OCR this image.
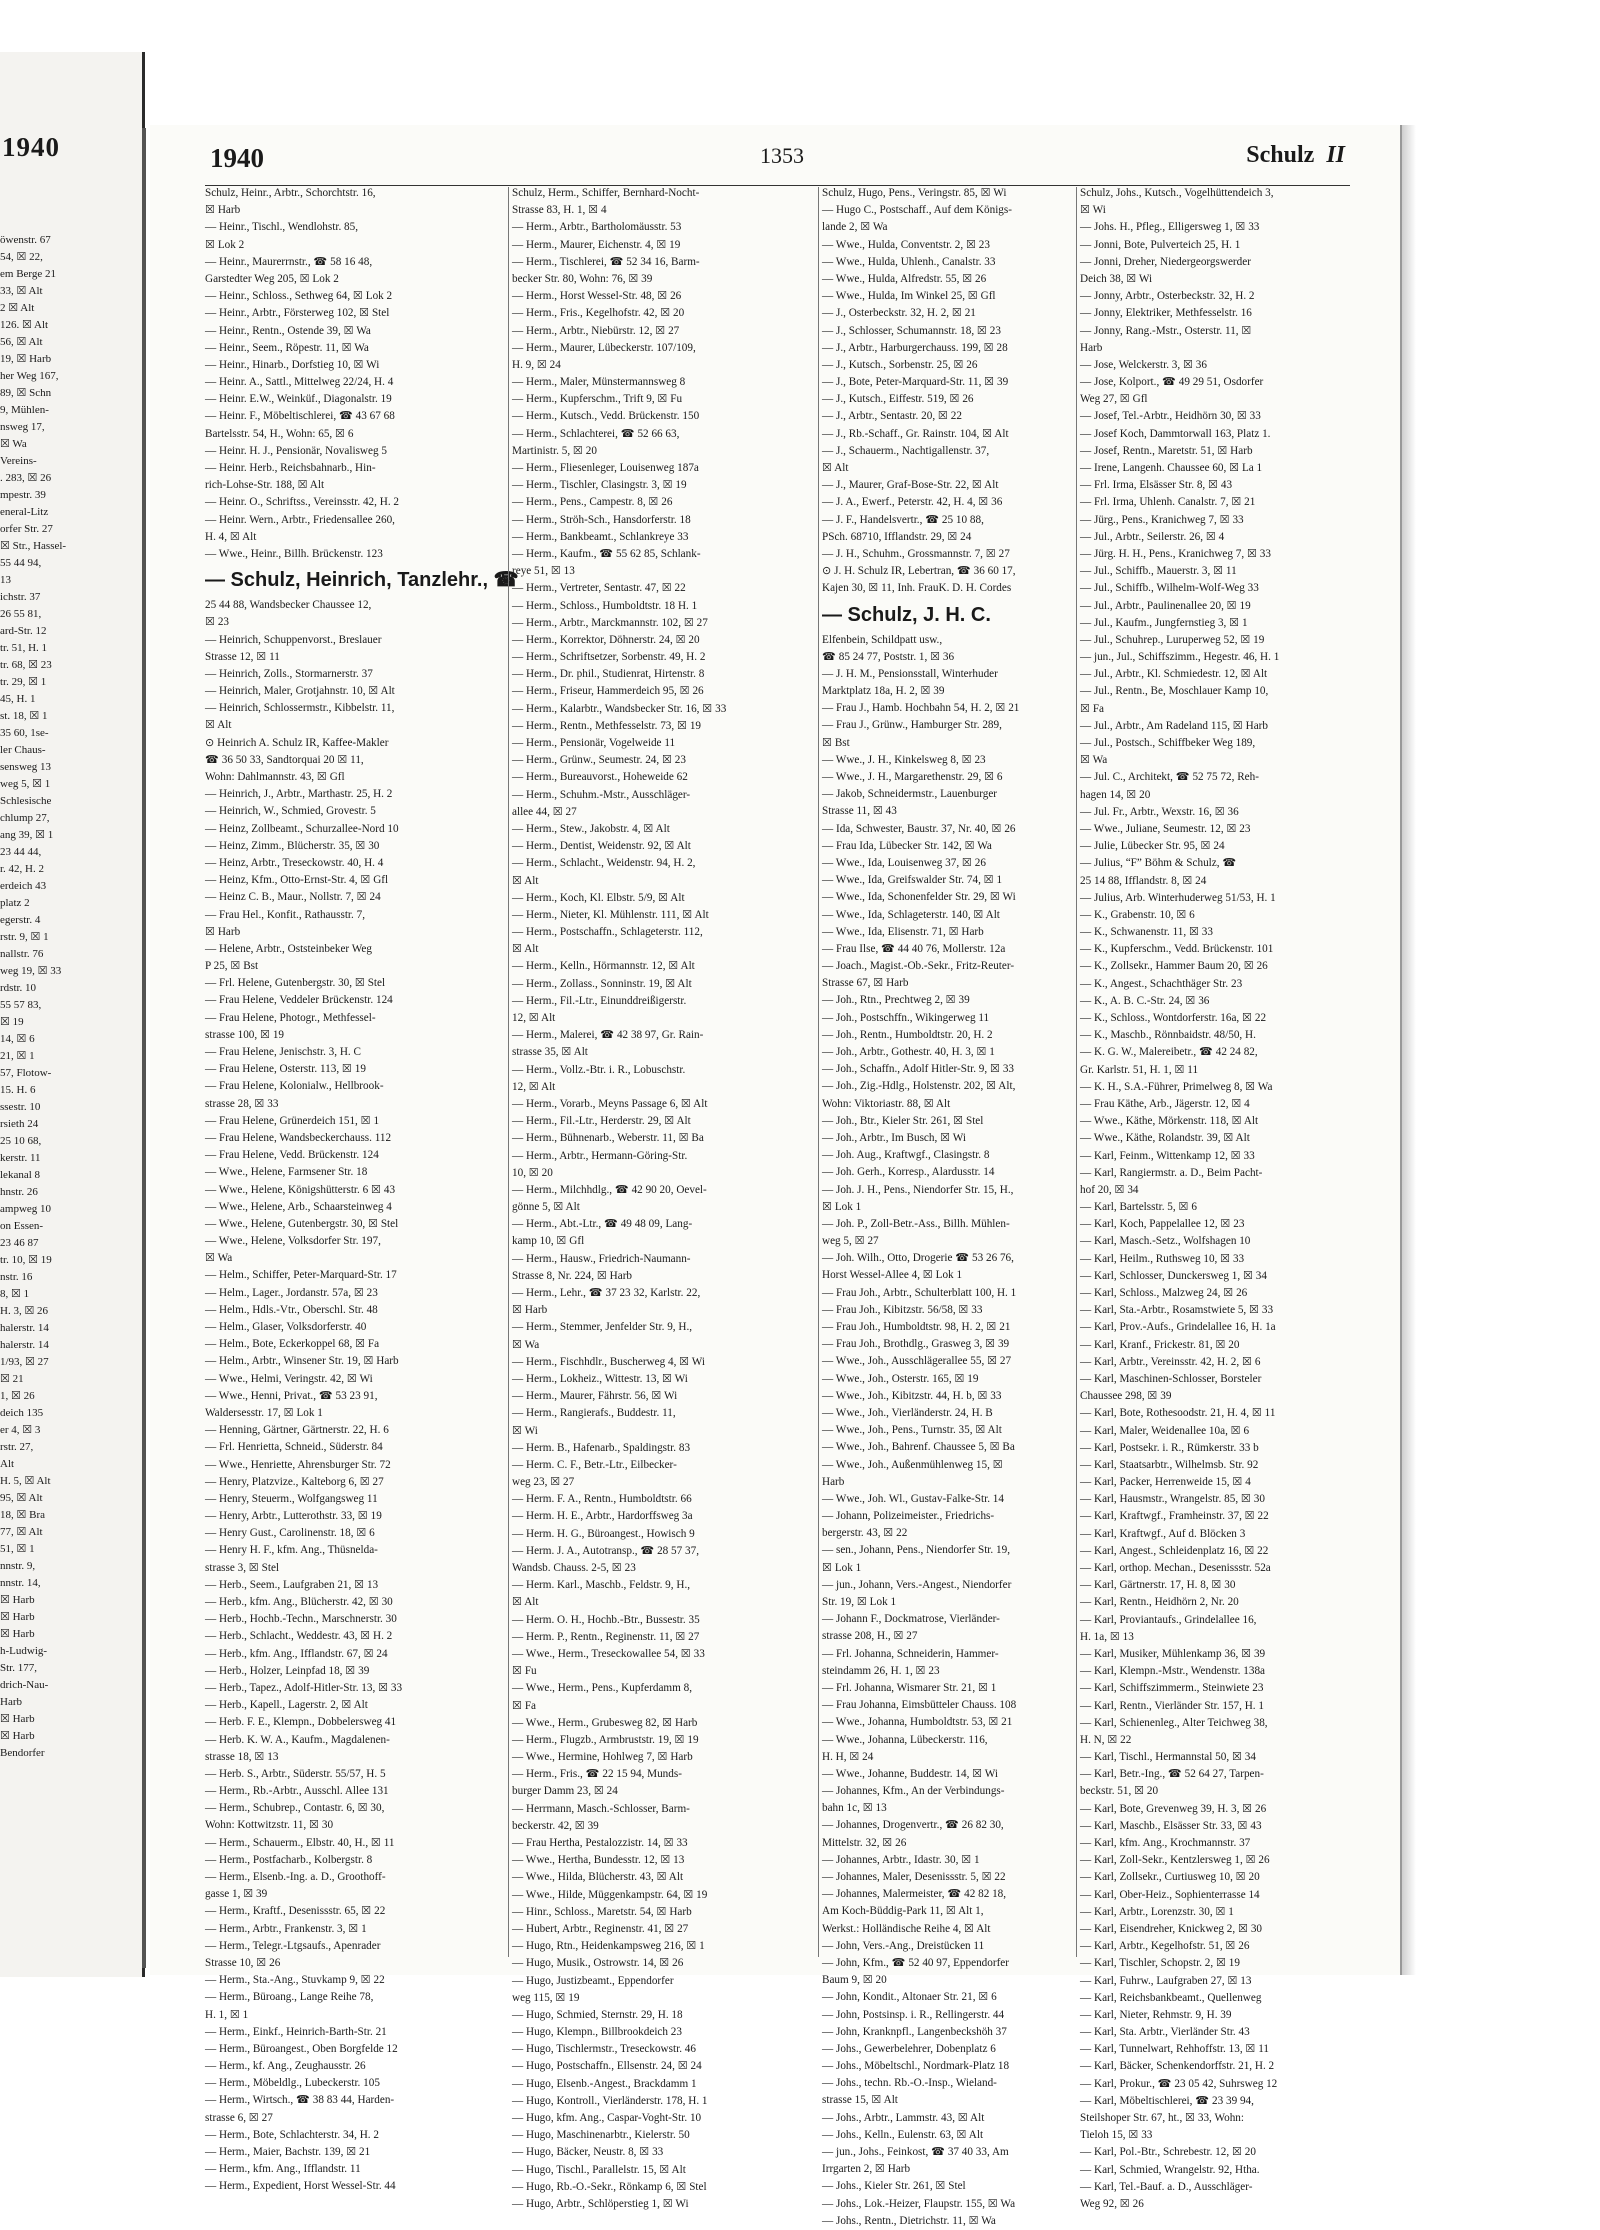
1940
öwenstr. 67
54, ☒ 22,
em Berge 21
33, ☒ Alt
2 ☒ Alt
126. ☒ Alt
56, ☒ Alt
19, ☒ Harb
her Weg 167,
89, ☒ Schn
9, Mühlen-
nsweg 17,
☒ Wa
Vereins-
. 283, ☒ 26
mpestr. 39
eneral-Litz
orfer Str. 27
☒ Str., Hassel-
55 44 94,
13
ichstr. 37
26 55 81,
ard-Str. 12
tr. 51, H. 1
tr. 68, ☒ 23
tr. 29, ☒ 1
45, H. 1
st. 18, ☒ 1
35 60, 1se-
ler Chaus-
sensweg 13
weg 5, ☒ 1
Schlesische
chlump 27,
ang 39, ☒ 1
23 44 44,
r. 42, H. 2
erdeich 43
platz 2
egerstr. 4
rstr. 9, ☒ 1
nallstr. 76
weg 19, ☒ 33
rdstr. 10
55 57 83,
☒ 19
14, ☒ 6
21, ☒ 1
57, Flotow-
15. H. 6
ssestr. 10
rsieth 24
25 10 68,
kerstr. 11
lekanal 8
hnstr. 26
ampweg 10
on Essen-
23 46 87
tr. 10, ☒ 19
nstr. 16
8, ☒ 1
H. 3, ☒ 26
halerstr. 14
halerstr. 14
1/93, ☒ 27
☒ 21
1, ☒ 26
deich 135
er 4, ☒ 3
rstr. 27,
Alt
H. 5, ☒ Alt
95, ☒ Alt
18, ☒ Bra
77, ☒ Alt
51, ☒ 1
nnstr. 9,
nnstr. 14,
☒ Harb
☒ Harb
☒ Harb
h-Ludwig-
Str. 177,
drich-Nau-
Harb
☒ Harb
☒ Harb
Bendorfer
1940	1353	Schulz II
Schulz, Heinr., Arbtr., Schorchtstr. 16,
☒ Harb
— Heinr., Tischl., Wendlohstr. 85,
☒ Lok 2
— Heinr., Maurerrnstr., ☎ 58 16 48,
Garstedter Weg 205, ☒ Lok 2
— Heinr., Schloss., Sethweg 64, ☒ Lok 2
— Heinr., Arbtr., Försterweg 102, ☒ Stel
— Heinr., Rentn., Ostende 39, ☒ Wa
— Heinr., Seem., Röpestr. 11, ☒ Wa
— Heinr., Hinarb., Dorfstieg 10, ☒ Wi
— Heinr. A., Sattl., Mittelweg 22/24, H. 4
— Heinr. E.W., Weinküf., Diagonalstr. 19
— Heinr. F., Möbeltischlerei, ☎ 43 67 68
Bartelsstr. 54, H., Wohn: 65, ☒ 6
— Heinr. H. J., Pensionär, Novalisweg 5
— Heinr. Herb., Reichsbahnarb., Hin-
rich-Lohse-Str. 188, ☒ Alt
— Heinr. O., Schriftss., Vereinsstr. 42, H. 2
— Heinr. Wern., Arbtr., Friedensallee 260,
H. 4, ☒ Alt
— Wwe., Heinr., Billh. Brückenstr. 123
— Schulz, Heinrich, Tanzlehr., ☎
25 44 88, Wandsbecker Chaussee 12,
☒ 23
— Heinrich, Schuppenvorst., Breslauer
Strasse 12, ☒ 11
— Heinrich, Zolls., Stormarnerstr. 37
— Heinrich, Maler, Grotjahnstr. 10, ☒ Alt
— Heinrich, Schlossermstr., Kibbelstr. 11,
☒ Alt
⊙ Heinrich A. Schulz IR, Kaffee-Makler
☎ 36 50 33, Sandtorquai 20 ☒ 11,
Wohn: Dahlmannstr. 43, ☒ Gfl
— Heinrich, J., Arbtr., Marthastr. 25, H. 2
— Heinrich, W., Schmied, Grovestr. 5
— Heinz, Zollbeamt., Schurzallee-Nord 10
— Heinz, Zimm., Blücherstr. 35, ☒ 30
— Heinz, Arbtr., Treseckowstr. 40, H. 4
— Heinz, Kfm., Otto-Ernst-Str. 4, ☒ Gfl
— Heinz C. B., Maur., Nollstr. 7, ☒ 24
— Frau Hel., Konfit., Rathausstr. 7,
☒ Harb
— Helene, Arbtr., Oststeinbeker Weg
P 25, ☒ Bst
— Frl. Helene, Gutenbergstr. 30, ☒ Stel
— Frau Helene, Veddeler Brückenstr. 124
— Frau Helene, Photogr., Methfessel-
strasse 100, ☒ 19
— Frau Helene, Jenischstr. 3, H. C
— Frau Helene, Osterstr. 113, ☒ 19
— Frau Helene, Kolonialw., Hellbrook-
strasse 28, ☒ 33
— Frau Helene, Grünerdeich 151, ☒ 1
— Frau Helene, Wandsbeckerchauss. 112
— Frau Helene, Vedd. Brückenstr. 124
— Wwe., Helene, Farmsener Str. 18
— Wwe., Helene, Königshütterstr. 6 ☒ 43
— Wwe., Helene, Arb., Schaarsteinweg 4
— Wwe., Helene, Gutenbergstr. 30, ☒ Stel
— Wwe., Helene, Volksdorfer Str. 197,
☒ Wa
— Helm., Schiffer, Peter-Marquard-Str. 17
— Helm., Lager., Jordanstr. 57a, ☒ 23
— Helm., Hdls.-Vtr., Oberschl. Str. 48
— Helm., Glaser, Volksdorferstr. 40
— Helm., Bote, Eckerkoppel 68, ☒ Fa
— Helm., Arbtr., Winsener Str. 19, ☒ Harb
— Wwe., Helmi, Veringstr. 42, ☒ Wi
— Wwe., Henni, Privat., ☎ 53 23 91,
Waldersesstr. 17, ☒ Lok 1
— Henning, Gärtner, Gärtnerstr. 22, H. 6
— Frl. Henrietta, Schneid., Süderstr. 84
— Wwe., Henriette, Ahrensburger Str. 72
— Henry, Platzvize., Kalteborg 6, ☒ 27
— Henry, Steuerm., Wolfgangsweg 11
— Henry, Arbtr., Lutterothstr. 33, ☒ 19
— Henry Gust., Carolinenstr. 18, ☒ 6
— Henry H. F., kfm. Ang., Thüsnelda-
strasse 3, ☒ Stel
— Herb., Seem., Laufgraben 21, ☒ 13
— Herb., kfm. Ang., Blücherstr. 42, ☒ 30
— Herb., Hochb.-Techn., Marschnerstr. 30
— Herb., Schlacht., Weddestr. 43, ☒ H. 2
— Herb., kfm. Ang., Ifflandstr. 67, ☒ 24
— Herb., Holzer, Leinpfad 18, ☒ 39
— Herb., Tapez., Adolf-Hitler-Str. 13, ☒ 33
— Herb., Kapell., Lagerstr. 2, ☒ Alt
— Herb. F. E., Klempn., Dobbelersweg 41
— Herb. K. W. A., Kaufm., Magdalenen-
strasse 18, ☒ 13
— Herb. S., Arbtr., Süderstr. 55/57, H. 5
— Herm., Rb.-Arbtr., Ausschl. Allee 131
— Herm., Schubrep., Contastr. 6, ☒ 30,
Wohn: Kottwitzstr. 11, ☒ 30
— Herm., Schauerm., Elbstr. 40, H., ☒ 11
— Herm., Postfacharb., Kolbergstr. 8
— Herm., Elsenb.-Ing. a. D., Groothoff-
gasse 1, ☒ 39
— Herm., Kraftf., Desenissstr. 65, ☒ 22
— Herm., Arbtr., Frankenstr. 3, ☒ 1
— Herm., Telegr.-Ltgsaufs., Apenrader
Strasse 10, ☒ 26
— Herm., Sta.-Ang., Stuvkamp 9, ☒ 22
— Herm., Büroang., Lange Reihe 78,
H. 1, ☒ 1
— Herm., Einkf., Heinrich-Barth-Str. 21
— Herm., Büroangest., Oben Borgfelde 12
— Herm., kf. Ang., Zeughausstr. 26
— Herm., Möbeldlg., Lubeckerstr. 105
— Herm., Wirtsch., ☎ 38 83 44, Harden-
strasse 6, ☒ 27
— Herm., Bote, Schlachterstr. 34, H. 2
— Herm., Maier, Bachstr. 139, ☒ 21
— Herm., kfm. Ang., Ifflandstr. 11
— Herm., Expedient, Horst Wessel-Str. 44
Schulz, Herm., Schiffer, Bernhard-Nocht-
Strasse 83, H. 1, ☒ 4
— Herm., Arbtr., Bartholomäusstr. 53
— Herm., Maurer, Eichenstr. 4, ☒ 19
— Herm., Tischlerei, ☎ 52 34 16, Barm-
becker Str. 80, Wohn: 76, ☒ 39
— Herm., Horst Wessel-Str. 48, ☒ 26
— Herm., Fris., Kegelhofstr. 42, ☒ 20
— Herm., Arbtr., Niebürstr. 12, ☒ 27
— Herm., Maurer, Lübeckerstr. 107/109,
H. 9, ☒ 24
— Herm., Maler, Münstermannsweg 8
— Herm., Kupferschm., Trift 9, ☒ Fu
— Herm., Kutsch., Vedd. Brückenstr. 150
— Herm., Schlachterei, ☎ 52 66 63,
Martinistr. 5, ☒ 20
— Herm., Fliesenleger, Louisenweg 187a
— Herm., Tischler, Clasingstr. 3, ☒ 19
— Herm., Pens., Campestr. 8, ☒ 26
— Herm., Ströh-Sch., Hansdorferstr. 18
— Herm., Bankbeamt., Schlankreye 33
— Herm., Kaufm., ☎ 55 62 85, Schlank-
reye 51, ☒ 13
— Herm., Vertreter, Sentastr. 47, ☒ 22
— Herm., Schloss., Humboldtstr. 18 H. 1
— Herm., Arbtr., Marckmannstr. 102, ☒ 27
— Herm., Korrektor, Döhnerstr. 24, ☒ 20
— Herm., Schriftsetzer, Sorbenstr. 49, H. 2
— Herm., Dr. phil., Studienrat, Hirtenstr. 8
— Herm., Friseur, Hammerdeich 95, ☒ 26
— Herm., Kalarbtr., Wandsbecker Str. 16, ☒ 33
— Herm., Rentn., Methfesselstr. 73, ☒ 19
— Herm., Pensionär, Vogelweide 11
— Herm., Grünw., Seumestr. 24, ☒ 23
— Herm., Bureauvorst., Hoheweide 62
— Herm., Schuhm.-Mstr., Ausschläger-
allee 44, ☒ 27
— Herm., Stew., Jakobstr. 4, ☒ Alt
— Herm., Dentist, Weidenstr. 92, ☒ Alt
— Herm., Schlacht., Weidenstr. 94, H. 2,
☒ Alt
— Herm., Koch, Kl. Elbstr. 5/9, ☒ Alt
— Herm., Nieter, Kl. Mühlenstr. 111, ☒ Alt
— Herm., Postschaffn., Schlageterstr. 112,
☒ Alt
— Herm., Kelln., Hörmannstr. 12, ☒ Alt
— Herm., Zollass., Sonninstr. 19, ☒ Alt
— Herm., Fil.-Ltr., Einunddreißigerstr.
12, ☒ Alt
— Herm., Malerei, ☎ 42 38 97, Gr. Rain-
strasse 35, ☒ Alt
— Herm., Vollz.-Btr. i. R., Lobuschstr.
12, ☒ Alt
— Herm., Vorarb., Meyns Passage 6, ☒ Alt
— Herm., Fil.-Ltr., Herderstr. 29, ☒ Alt
— Herm., Bühnenarb., Weberstr. 11, ☒ Ba
— Herm., Arbtr., Hermann-Göring-Str.
10, ☒ 20
— Herm., Milchhdlg., ☎ 42 90 20, Oevel-
gönne 5, ☒ Alt
— Herm., Abt.-Ltr., ☎ 49 48 09, Lang-
kamp 10, ☒ Gfl
— Herm., Hausw., Friedrich-Naumann-
Strasse 8, Nr. 224, ☒ Harb
— Herm., Lehr., ☎ 37 23 32, Karlstr. 22,
☒ Harb
— Herm., Stemmer, Jenfelder Str. 9, H.,
☒ Wa
— Herm., Fischhdlr., Buscherweg 4, ☒ Wi
— Herm., Lokheiz., Wittestr. 13, ☒ Wi
— Herm., Maurer, Fährstr. 56, ☒ Wi
— Herm., Rangierafs., Buddestr. 11,
☒ Wi
— Herm. B., Hafenarb., Spaldingstr. 83
— Herm. C. F., Betr.-Ltr., Eilbecker-
weg 23, ☒ 27
— Herm. F. A., Rentn., Humboldtstr. 66
— Herm. H. E., Arbtr., Hardorffsweg 3a
— Herm. H. G., Büroangest., Howisch 9
— Herm. J. A., Autotransp., ☎ 28 57 37,
Wandsb. Chauss. 2-5, ☒ 23
— Herm. Karl., Maschb., Feldstr. 9, H.,
☒ Alt
— Herm. O. H., Hochb.-Btr., Bussestr. 35
— Herm. P., Rentn., Reginenstr. 11, ☒ 27
— Wwe., Herm., Treseckowallee 54, ☒ 33
☒ Fu
— Wwe., Herm., Pens., Kupferdamm 8,
☒ Fa
— Wwe., Herm., Grubesweg 82, ☒ Harb
— Herm., Flugzb., Armbruststr. 19, ☒ 19
— Wwe., Hermine, Hohlweg 7, ☒ Harb
— Herm., Fris., ☎ 22 15 94, Munds-
burger Damm 23, ☒ 24
— Herrmann, Masch.-Schlosser, Barm-
beckerstr. 42, ☒ 39
— Frau Hertha, Pestalozzistr. 14, ☒ 33
— Wwe., Hertha, Bundesstr. 12, ☒ 13
— Wwe., Hilda, Blücherstr. 43, ☒ Alt
— Wwe., Hilde, Müggenkampstr. 64, ☒ 19
— Hinr., Schloss., Maretstr. 54, ☒ Harb
— Hubert, Arbtr., Reginenstr. 41, ☒ 27
— Hugo, Rtn., Heidenkampsweg 216, ☒ 1
— Hugo, Musik., Ostrowstr. 14, ☒ 26
— Hugo, Justizbeamt., Eppendorfer
weg 115, ☒ 19
— Hugo, Schmied, Sternstr. 29, H. 18
— Hugo, Klempn., Billbrookdeich 23
— Hugo, Tischlermstr., Treseckowstr. 46
— Hugo, Postschaffn., Ellsenstr. 24, ☒ 24
— Hugo, Elsenb.-Angest., Brackdamm 1
— Hugo, Kontroll., Vierländerstr. 178, H. 1
— Hugo, kfm. Ang., Caspar-Voght-Str. 10
— Hugo, Maschinenarbtr., Kielerstr. 50
— Hugo, Bäcker, Neustr. 8, ☒ 33
— Hugo, Tischl., Parallelstr. 15, ☒ Alt
— Hugo, Rb.-O.-Sekr., Rönkamp 6, ☒ Stel
— Hugo, Arbtr., Schlöperstieg 1, ☒ Wi
Schulz, Hugo, Pens., Veringstr. 85, ☒ Wi
— Hugo C., Postschaff., Auf dem Königs-
lande 2, ☒ Wa
— Wwe., Hulda, Conventstr. 2, ☒ 23
— Wwe., Hulda, Uhlenh., Canalstr. 33
— Wwe., Hulda, Alfredstr. 55, ☒ 26
— Wwe., Hulda, Im Winkel 25, ☒ Gfl
— J., Osterbeckstr. 32, H. 2, ☒ 21
— J., Schlosser, Schumannstr. 18, ☒ 23
— J., Arbtr., Harburgerchauss. 199, ☒ 28
— J., Kutsch., Sorbenstr. 25, ☒ 26
— J., Bote, Peter-Marquard-Str. 11, ☒ 39
— J., Kutsch., Eiffestr. 519, ☒ 26
— J., Arbtr., Sentastr. 20, ☒ 22
— J., Rb.-Schaff., Gr. Rainstr. 104, ☒ Alt
— J., Schauerm., Nachtigallenstr. 37,
☒ Alt
— J., Maurer, Graf-Bose-Str. 22, ☒ Alt
— J. A., Ewerf., Peterstr. 42, H. 4, ☒ 36
— J. F., Handelsvertr., ☎ 25 10 88,
PSch. 68710, Ifflandstr. 29, ☒ 24
— J. H., Schuhm., Grossmannstr. 7, ☒ 27
⊙ J. H. Schulz IR, Lebertran, ☎ 36 60 17,
Kajen 30, ☒ 11, Inh. FrauK. D. H. Cordes
— Schulz, J. H. C.
Elfenbein, Schildpatt usw.,
☎ 85 24 77, Poststr. 1, ☒ 36
— J. H. M., Pensionsstall, Winterhuder
Marktplatz 18a, H. 2, ☒ 39
— Frau J., Hamb. Hochbahn 54, H. 2, ☒ 21
— Frau J., Grünw., Hamburger Str. 289,
☒ Bst
— Wwe., J. H., Kinkelsweg 8, ☒ 23
— Wwe., J. H., Margarethenstr. 29, ☒ 6
— Jakob, Schneidermstr., Lauenburger
Strasse 11, ☒ 43
— Ida, Schwester, Baustr. 37, Nr. 40, ☒ 26
— Frau Ida, Lübecker Str. 142, ☒ Wa
— Wwe., Ida, Louisenweg 37, ☒ 26
— Wwe., Ida, Greifswalder Str. 74, ☒ 1
— Wwe., Ida, Schonenfelder Str. 29, ☒ Wi
— Wwe., Ida, Schlageterstr. 140, ☒ Alt
— Wwe., Ida, Elisenstr. 71, ☒ Harb
— Frau Ilse, ☎ 44 40 76, Mollerstr. 12a
— Joach., Magist.-Ob.-Sekr., Fritz-Reuter-
Strasse 67, ☒ Harb
— Joh., Rtn., Prechtweg 2, ☒ 39
— Joh., Postschffn., Wikingerweg 11
— Joh., Rentn., Humboldtstr. 20, H. 2
— Joh., Arbtr., Gothestr. 40, H. 3, ☒ 1
— Joh., Schaffn., Adolf Hitler-Str. 9, ☒ 33
— Joh., Zig.-Hdlg., Holstenstr. 202, ☒ Alt,
Wohn: Viktoriastr. 88, ☒ Alt
— Joh., Btr., Kieler Str. 261, ☒ Stel
— Joh., Arbtr., Im Busch, ☒ Wi
— Joh. Aug., Kraftwgf., Clasingstr. 8
— Joh. Gerh., Korresp., Alardusstr. 14
— Joh. J. H., Pens., Niendorfer Str. 15, H.,
☒ Lok 1
— Joh. P., Zoll-Betr.-Ass., Billh. Mühlen-
weg 5, ☒ 27
— Joh. Wilh., Otto, Drogerie ☎ 53 26 76,
Horst Wessel-Allee 4, ☒ Lok 1
— Frau Joh., Arbtr., Schulterblatt 100, H. 1
— Frau Joh., Kibitzstr. 56/58, ☒ 33
— Frau Joh., Humboldtstr. 98, H. 2, ☒ 21
— Frau Joh., Brothdlg., Grasweg 3, ☒ 39
— Wwe., Joh., Ausschlägerallee 55, ☒ 27
— Wwe., Joh., Osterstr. 165, ☒ 19
— Wwe., Joh., Kibitzstr. 44, H. b, ☒ 33
— Wwe., Joh., Vierländerstr. 24, H. B
— Wwe., Joh., Pens., Turnstr. 35, ☒ Alt
— Wwe., Joh., Bahrenf. Chaussee 5, ☒ Ba
— Wwe., Joh., Außenmühlenweg 15, ☒
Harb
— Wwe., Joh. Wl., Gustav-Falke-Str. 14
— Johann, Polizeimeister., Friedrichs-
bergerstr. 43, ☒ 22
— sen., Johann, Pens., Niendorfer Str. 19,
☒ Lok 1
— jun., Johann, Vers.-Angest., Niendorfer
Str. 19, ☒ Lok 1
— Johann F., Dockmatrose, Vierländer-
strasse 208, H., ☒ 27
— Frl. Johanna, Schneiderin, Hammer-
steindamm 26, H. 1, ☒ 23
— Frl. Johanna, Wismarer Str. 21, ☒ 1
— Frau Johanna, Eimsbütteler Chauss. 108
— Wwe., Johanna, Humboldtstr. 53, ☒ 21
— Wwe., Johanna, Lübeckerstr. 116,
H. H, ☒ 24
— Wwe., Johanne, Buddestr. 14, ☒ Wi
— Johannes, Kfm., An der Verbindungs-
bahn 1c, ☒ 13
— Johannes, Drogenvertr., ☎ 26 82 30,
Mittelstr. 32, ☒ 26
— Johannes, Arbtr., Idastr. 30, ☒ 1
— Johannes, Maler, Desenissstr. 5, ☒ 22
— Johannes, Malermeister, ☎ 42 82 18,
Am Koch-Büddig-Park 11, ☒ Alt 1,
Werkst.: Holländische Reihe 4, ☒ Alt
— John, Vers.-Ang., Dreistücken 11
— John, Kfm., ☎ 52 40 97, Eppendorfer
Baum 9, ☒ 20
— John, Kondit., Altonaer Str. 21, ☒ 6
— John, Postsinsp. i. R., Rellingerstr. 44
— John, Kranknpfl., Langenbeckshöh 37
— Johs., Gewerbelehrer, Dobenplatz 6
— Johs., Möbeltschl., Nordmark-Platz 18
— Johs., techn. Rb.-O.-Insp., Wieland-
strasse 15, ☒ Alt
— Johs., Arbtr., Lammstr. 43, ☒ Alt
— Johs., Kelln., Eulenstr. 63, ☒ Alt
— jun., Johs., Feinkost, ☎ 37 40 33, Am
Irrgarten 2, ☒ Harb
— Johs., Kieler Str. 261, ☒ Stel
— Johs., Lok.-Heizer, Flaupstr. 155, ☒ Wa
— Johs., Rentn., Dietrichstr. 11, ☒ Wa
Schulz, Johs., Kutsch., Vogelhüttendeich 3,
☒ Wi
— Johs. H., Pfleg., Elligersweg 1, ☒ 33
— Jonni, Bote, Pulverteich 25, H. 1
— Jonni, Dreher, Niedergeorgswerder
Deich 38, ☒ Wi
— Jonny, Arbtr., Osterbeckstr. 32, H. 2
— Jonny, Elektriker, Methfesselstr. 16
— Jonny, Rang.-Mstr., Osterstr. 11, ☒
Harb
— Jose, Welckerstr. 3, ☒ 36
— Jose, Kolport., ☎ 49 29 51, Osdorfer
Weg 27, ☒ Gfl
— Josef, Tel.-Arbtr., Heidhörn 30, ☒ 33
— Josef Koch, Dammtorwall 163, Platz 1.
— Josef, Rentn., Maretstr. 51, ☒ Harb
— Irene, Langenh. Chaussee 60, ☒ La 1
— Frl. Irma, Elsässer Str. 8, ☒ 43
— Frl. Irma, Uhlenh. Canalstr. 7, ☒ 21
— Jürg., Pens., Kranichweg 7, ☒ 33
— Jul., Arbtr., Seilerstr. 26, ☒ 4
— Jürg. H. H., Pens., Kranichweg 7, ☒ 33
— Jul., Schiffb., Mauerstr. 3, ☒ 11
— Jul., Schiffb., Wilhelm-Wolf-Weg 33
— Jul., Arbtr., Paulinenallee 20, ☒ 19
— Jul., Kaufm., Jungfernstieg 3, ☒ 1
— Jul., Schuhrep., Luruperweg 52, ☒ 19
— jun., Jul., Schiffszimm., Hegestr. 46, H. 1
— Jul., Arbtr., Kl. Schmiedestr. 12, ☒ Alt
— Jul., Rentn., Be, Moschlauer Kamp 10,
☒ Fa
— Jul., Arbtr., Am Radeland 115, ☒ Harb
— Jul., Postsch., Schiffbeker Weg 189,
☒ Wa
— Jul. C., Architekt, ☎ 52 75 72, Reh-
hagen 14, ☒ 20
— Jul. Fr., Arbtr., Wexstr. 16, ☒ 36
— Wwe., Juliane, Seumestr. 12, ☒ 23
— Julie, Lübecker Str. 95, ☒ 24
— Julius, “F” Böhm & Schulz, ☎
25 14 88, Ifflandstr. 8, ☒ 24
— Julius, Arb. Winterhuderweg 51/53, H. 1
— K., Grabenstr. 10, ☒ 6
— K., Schwanenstr. 11, ☒ 33
— K., Kupferschm., Vedd. Brückenstr. 101
— K., Zollsekr., Hammer Baum 20, ☒ 26
— K., Angest., Schachthäger Str. 23
— K., A. B. C.-Str. 24, ☒ 36
— K., Schloss., Wontdorferstr. 16a, ☒ 22
— K., Maschb., Rönnbaidstr. 48/50, H.
— K. G. W., Malereibetr., ☎ 42 24 82,
Gr. Karlstr. 51, H. 1, ☒ 11
— K. H., S.A.-Führer, Primelweg 8, ☒ Wa
— Frau Käthe, Arb., Jägerstr. 12, ☒ 4
— Wwe., Käthe, Mörkenstr. 118, ☒ Alt
— Wwe., Käthe, Rolandstr. 39, ☒ Alt
— Karl, Feinm., Wittenkamp 12, ☒ 33
— Karl, Rangiermstr. a. D., Beim Pacht-
hof 20, ☒ 34
— Karl, Bartelsstr. 5, ☒ 6
— Karl, Koch, Pappelallee 12, ☒ 23
— Karl, Masch.-Setz., Wolfshagen 10
— Karl, Heilm., Ruthsweg 10, ☒ 33
— Karl, Schlosser, Dunckersweg 1, ☒ 34
— Karl, Schloss., Malzweg 24, ☒ 26
— Karl, Sta.-Arbtr., Rosamstwiete 5, ☒ 33
— Karl, Prov.-Aufs., Grindelallee 16, H. 1a
— Karl, Kranf., Frickestr. 81, ☒ 20
— Karl, Arbtr., Vereinsstr. 42, H. 2, ☒ 6
— Karl, Maschinen-Schlosser, Borsteler
Chaussee 298, ☒ 39
— Karl, Bote, Rothesoodstr. 21, H. 4, ☒ 11
— Karl, Maler, Weidenallee 10a, ☒ 6
— Karl, Postsekr. i. R., Rümkerstr. 33 b
— Karl, Staatsarbtr., Wilhelmsb. Str. 92
— Karl, Packer, Herrenweide 15, ☒ 4
— Karl, Hausmstr., Wrangelstr. 85, ☒ 30
— Karl, Kraftwgf., Framheinstr. 37, ☒ 22
— Karl, Kraftwgf., Auf d. Blöcken 3
— Karl, Angest., Schleidenplatz 16, ☒ 22
— Karl, orthop. Mechan., Desenissstr. 52a
— Karl, Gärtnerstr. 17, H. 8, ☒ 30
— Karl, Rentn., Heidhörn 2, Nr. 20
— Karl, Proviantaufs., Grindelallee 16,
H. 1a, ☒ 13
— Karl, Musiker, Mühlenkamp 36, ☒ 39
— Karl, Klempn.-Mstr., Wendenstr. 138a
— Karl, Schiffszimmerm., Steinwiete 23
— Karl, Rentn., Vierländer Str. 157, H. 1
— Karl, Schienenleg., Alter Teichweg 38,
H. N, ☒ 22
— Karl, Tischl., Hermannstal 50, ☒ 34
— Karl, Betr.-Ing., ☎ 52 64 27, Tarpen-
beckstr. 51, ☒ 20
— Karl, Bote, Grevenweg 39, H. 3, ☒ 26
— Karl, Maschb., Elsässer Str. 33, ☒ 43
— Karl, kfm. Ang., Krochmannstr. 37
— Karl, Zoll-Sekr., Kentzlersweg 1, ☒ 26
— Karl, Zollsekr., Curtiusweg 10, ☒ 20
— Karl, Ober-Heiz., Sophienterrasse 14
— Karl, Arbtr., Lorenzstr. 30, ☒ 1
— Karl, Eisendreher, Knickweg 2, ☒ 30
— Karl, Arbtr., Kegelhofstr. 51, ☒ 26
— Karl, Tischler, Schopstr. 2, ☒ 19
— Karl, Fuhrw., Laufgraben 27, ☒ 13
— Karl, Reichsbankbeamt., Quellenweg
— Karl, Nieter, Rehmstr. 9, H. 39
— Karl, Sta. Arbtr., Vierländer Str. 43
— Karl, Tunnelwart, Rehhoffstr. 13, ☒ 11
— Karl, Bäcker, Schenkendorffstr. 21, H. 2
— Karl, Prokur., ☎ 23 05 42, Suhrsweg 12
— Karl, Möbeltischlerei, ☎ 23 39 94,
Steilshoper Str. 67, ht., ☒ 33, Wohn:
Tieloh 15, ☒ 33
— Karl, Pol.-Btr., Schrebestr. 12, ☒ 20
— Karl, Schmied, Wrangelstr. 92, Htha.
— Karl, Tel.-Bauf. a. D., Ausschläger-
Weg 92, ☒ 26
